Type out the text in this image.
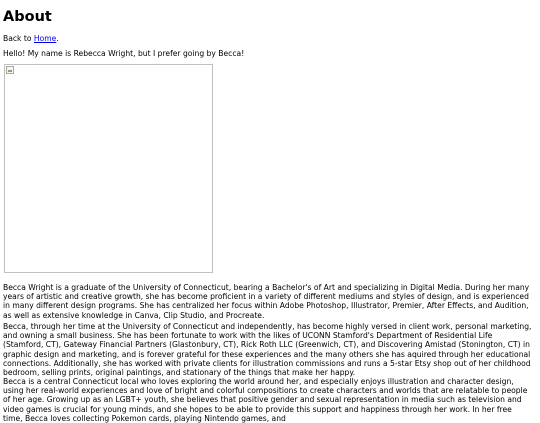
About
Back to Home.
Hello! My name is Rebecca Wright, but I prefer going by Becca!

Becca Wright is a graduate of the University of Connecticut, bearing a Bachelor's of Art and specializing in Digital Media. During her many years of artistic and creative growth, she has become proficient in a variety of different mediums and styles of design, and is experienced in many different design programs. She has centralized her focus within Adobe Photoshop, Illustrator, Premier, After Effects, and Audition, as well as extensive knowledge in Canva, Clip Studio, and Procreate.

Becca, through her time at the University of Connecticut and independently, has become highly versed in client work, personal marketing, and owning a small business. She has been fortunate to work with the likes of UCONN Stamford's Department of Residential Life (Stamford, CT), Gateway Financial Partners (Glastonbury, CT), Rick Roth LLC (Greenwich, CT), and Discovering Amistad (Stonington, CT) in graphic design and marketing, and is forever grateful for these experiences and the many others she has aquired through her educational connections. Additionally, she has worked with private clients for illustration commissions and runs a 5-star Etsy shop out of her childhood bedroom, selling prints, original paintings, and stationary of the things that make her happy.

Becca is a central Connecticut local who loves exploring the world around her, and especially enjoys illustration and character design, using her real-world experiences and love of bright and colorful compositions to create characters and worlds that are relatable to people of her age. Growing up as an LGBT+ youth, she believes that positive gender and sexual representation in media such as television and video games is crucial for young minds, and she hopes to be able to provide this support and happiness through her work. In her free time, Becca loves collecting Pokemon cards, playing Nintendo games, and
